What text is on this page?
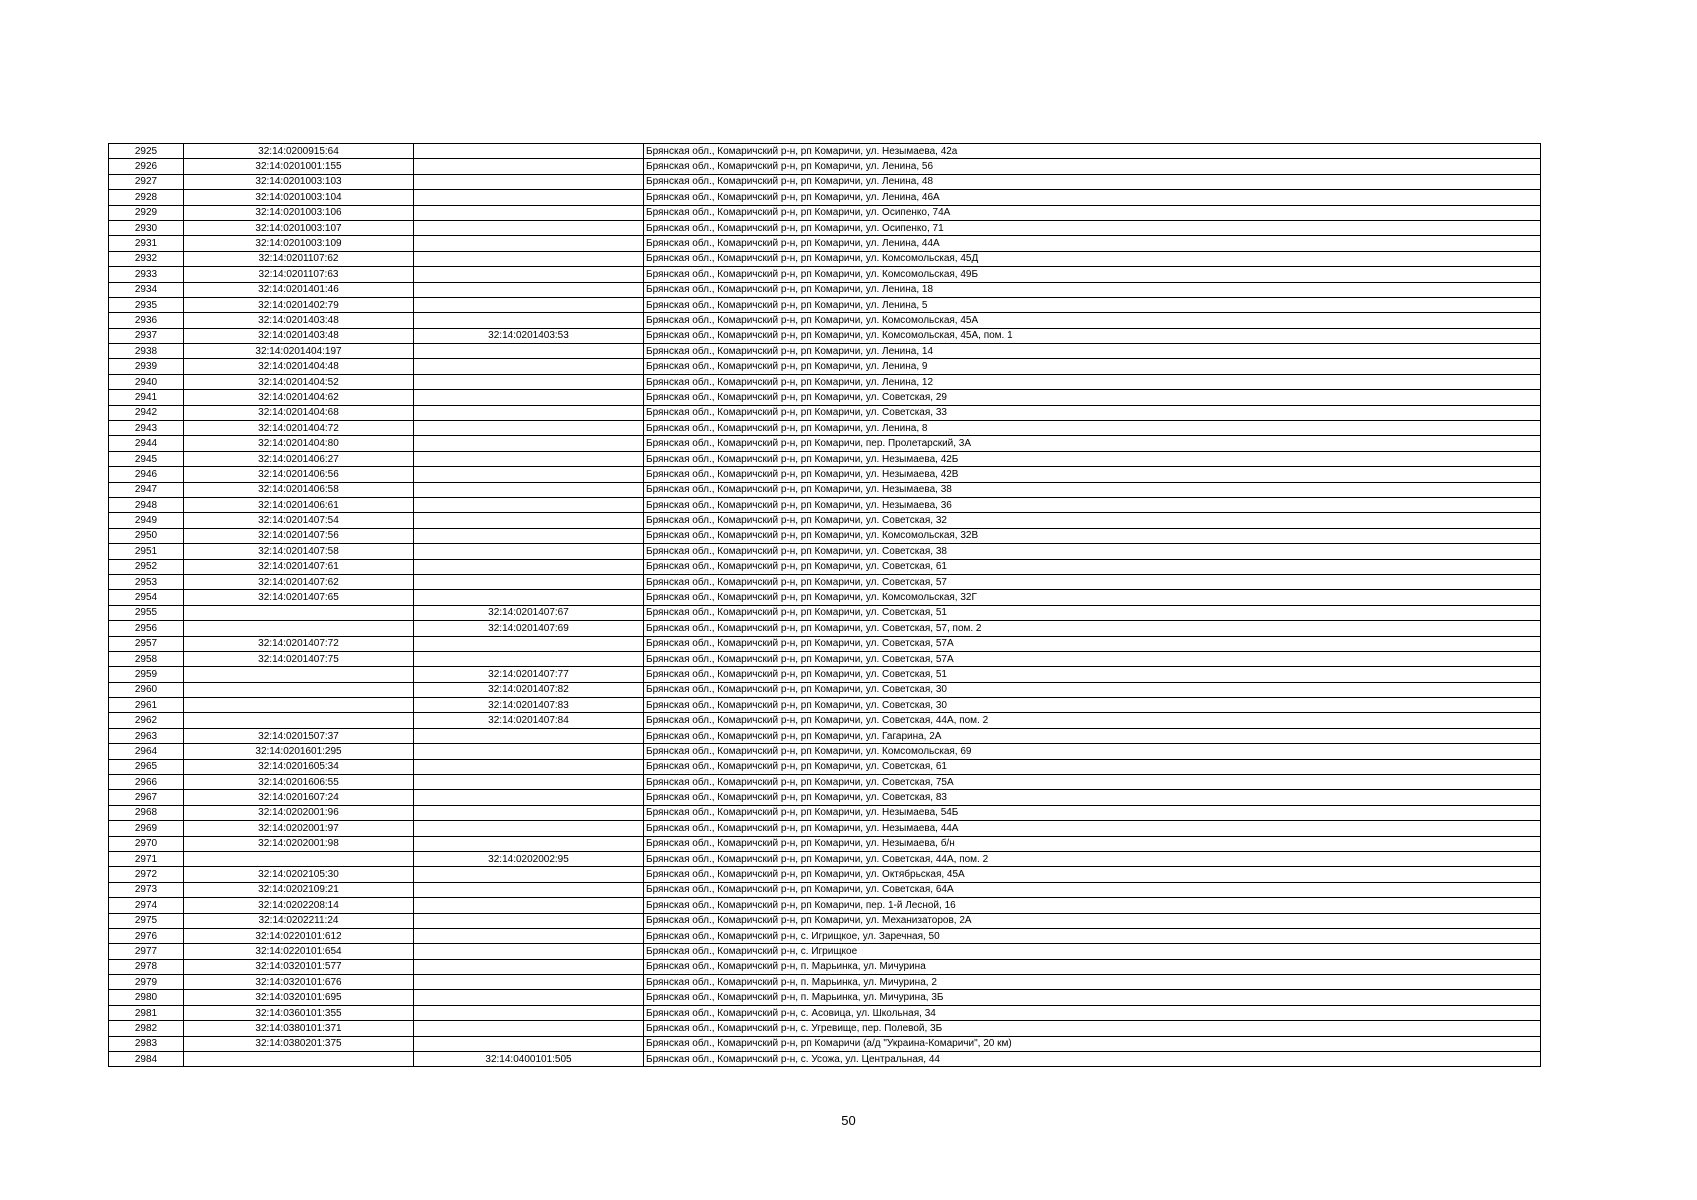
2925	32:14:0200915:64		Брянская обл., Комаричский р-н, рп Комаричи, ул. Незымаева, 42а
2926	32:14:0201001:155		Брянская обл., Комаричский р-н, рп Комаричи, ул. Ленина, 56
2927	32:14:0201003:103		Брянская обл., Комаричский р-н, рп Комаричи, ул. Ленина, 48
2928	32:14:0201003:104		Брянская обл., Комаричский р-н, рп Комаричи, ул. Ленина, 46А
2929	32:14:0201003:106		Брянская обл., Комаричский р-н, рп Комаричи, ул. Осипенко, 74А
2930	32:14:0201003:107		Брянская обл., Комаричский р-н, рп Комаричи, ул. Осипенко, 71
2931	32:14:0201003:109		Брянская обл., Комаричский р-н, рп Комаричи, ул. Ленина, 44А
2932	32:14:0201107:62		Брянская обл., Комаричский р-н, рп Комаричи, ул. Комсомольская, 45Д
2933	32:14:0201107:63		Брянская обл., Комаричский р-н, рп Комаричи, ул. Комсомольская, 49Б
2934	32:14:0201401:46		Брянская обл., Комаричский р-н, рп Комаричи, ул. Ленина, 18
2935	32:14:0201402:79		Брянская обл., Комаричский р-н, рп Комаричи, ул. Ленина, 5
2936	32:14:0201403:48		Брянская обл., Комаричский р-н, рп Комаричи, ул. Комсомольская, 45А
2937	32:14:0201403:48	32:14:0201403:53	Брянская обл., Комаричский р-н, рп Комаричи, ул. Комсомольская, 45А, пом. 1
2938	32:14:0201404:197		Брянская обл., Комаричский р-н, рп Комаричи, ул. Ленина, 14
2939	32:14:0201404:48		Брянская обл., Комаричский р-н, рп Комаричи, ул. Ленина, 9
2940	32:14:0201404:52		Брянская обл., Комаричский р-н, рп Комаричи, ул. Ленина, 12
2941	32:14:0201404:62		Брянская обл., Комаричский р-н, рп Комаричи, ул. Советская, 29
2942	32:14:0201404:68		Брянская обл., Комаричский р-н, рп Комаричи, ул. Советская, 33
2943	32:14:0201404:72		Брянская обл., Комаричский р-н, рп Комаричи, ул. Ленина, 8
2944	32:14:0201404:80		Брянская обл., Комаричский р-н, рп Комаричи, пер. Пролетарский, 3А
2945	32:14:0201406:27		Брянская обл., Комаричский р-н, рп Комаричи, ул. Незымаева, 42Б
2946	32:14:0201406:56		Брянская обл., Комаричский р-н, рп Комаричи, ул. Незымаева, 42В
2947	32:14:0201406:58		Брянская обл., Комаричский р-н, рп Комаричи, ул. Незымаева, 38
2948	32:14:0201406:61		Брянская обл., Комаричский р-н, рп Комаричи, ул. Незымаева, 36
2949	32:14:0201407:54		Брянская обл., Комаричский р-н, рп Комаричи, ул. Советская, 32
2950	32:14:0201407:56		Брянская обл., Комаричский р-н, рп Комаричи, ул. Комсомольская, 32В
2951	32:14:0201407:58		Брянская обл., Комаричский р-н, рп Комаричи, ул. Советская, 38
2952	32:14:0201407:61		Брянская обл., Комаричский р-н, рп Комаричи, ул. Советская, 61
2953	32:14:0201407:62		Брянская обл., Комаричский р-н, рп Комаричи, ул. Советская, 57
2954	32:14:0201407:65		Брянская обл., Комаричский р-н, рп Комаричи, ул. Комсомольская, 32Г
2955		32:14:0201407:67	Брянская обл., Комаричский р-н, рп Комаричи, ул. Советская, 51
2956		32:14:0201407:69	Брянская обл., Комаричский р-н, рп Комаричи, ул. Советская, 57, пом. 2
2957	32:14:0201407:72		Брянская обл., Комаричский р-н, рп Комаричи, ул. Советская, 57А
2958	32:14:0201407:75		Брянская обл., Комаричский р-н, рп Комаричи, ул. Советская, 57А
2959		32:14:0201407:77	Брянская обл., Комаричский р-н, рп Комаричи, ул. Советская, 51
2960		32:14:0201407:82	Брянская обл., Комаричский р-н, рп Комаричи, ул. Советская, 30
2961		32:14:0201407:83	Брянская обл., Комаричский р-н, рп Комаричи, ул. Советская, 30
2962		32:14:0201407:84	Брянская обл., Комаричский р-н, рп Комаричи, ул. Советская, 44А, пом. 2
2963	32:14:0201507:37		Брянская обл., Комаричский р-н, рп Комаричи, ул. Гагарина, 2А
2964	32:14:0201601:295		Брянская обл., Комаричский р-н, рп Комаричи, ул. Комсомольская, 69
2965	32:14:0201605:34		Брянская обл., Комаричский р-н, рп Комаричи, ул. Советская, 61
2966	32:14:0201606:55		Брянская обл., Комаричский р-н, рп Комаричи, ул. Советская, 75А
2967	32:14:0201607:24		Брянская обл., Комаричский р-н, рп Комаричи, ул. Советская, 83
2968	32:14:0202001:96		Брянская обл., Комаричский р-н, рп Комаричи, ул. Незымаева, 54Б
2969	32:14:0202001:97		Брянская обл., Комаричский р-н, рп Комаричи, ул. Незымаева, 44А
2970	32:14:0202001:98		Брянская обл., Комаричский р-н, рп Комаричи, ул. Незымаева, б/н
2971		32:14:0202002:95	Брянская обл., Комаричский р-н, рп Комаричи, ул. Советская, 44А, пом. 2
2972	32:14:0202105:30		Брянская обл., Комаричский р-н, рп Комаричи, ул. Октябрьская, 45А
2973	32:14:0202109:21		Брянская обл., Комаричский р-н, рп Комаричи, ул. Советская, 64А
2974	32:14:0202208:14		Брянская обл., Комаричский р-н, рп Комаричи, пер. 1-й Лесной, 16
2975	32:14:0202211:24		Брянская обл., Комаричский р-н, рп Комаричи, ул. Механизаторов, 2А
2976	32:14:0220101:612		Брянская обл., Комаричский р-н, с. Игрищкое, ул. Заречная, 50
2977	32:14:0220101:654		Брянская обл., Комаричский р-н, с. Игрищкое
2978	32:14:0320101:577		Брянская обл., Комаричский р-н, п. Марьинка, ул. Мичурина
2979	32:14:0320101:676		Брянская обл., Комаричский р-н, п. Марьинка, ул. Мичурина, 2
2980	32:14:0320101:695		Брянская обл., Комаричский р-н, п. Марьинка, ул. Мичурина, 3Б
2981	32:14:0360101:355		Брянская обл., Комаричский р-н, с. Асовица, ул. Школьная, 34
2982	32:14:0380101:371		Брянская обл., Комаричский р-н, с. Угревище, пер. Полевой, 3Б
2983	32:14:0380201:375		Брянская обл., Комаричский р-н, рп Комаричи (а/д "Украина-Комаричи", 20 км)
2984		32:14:0400101:505	Брянская обл., Комаричский р-н, с. Усожа, ул. Центральная, 44
50
